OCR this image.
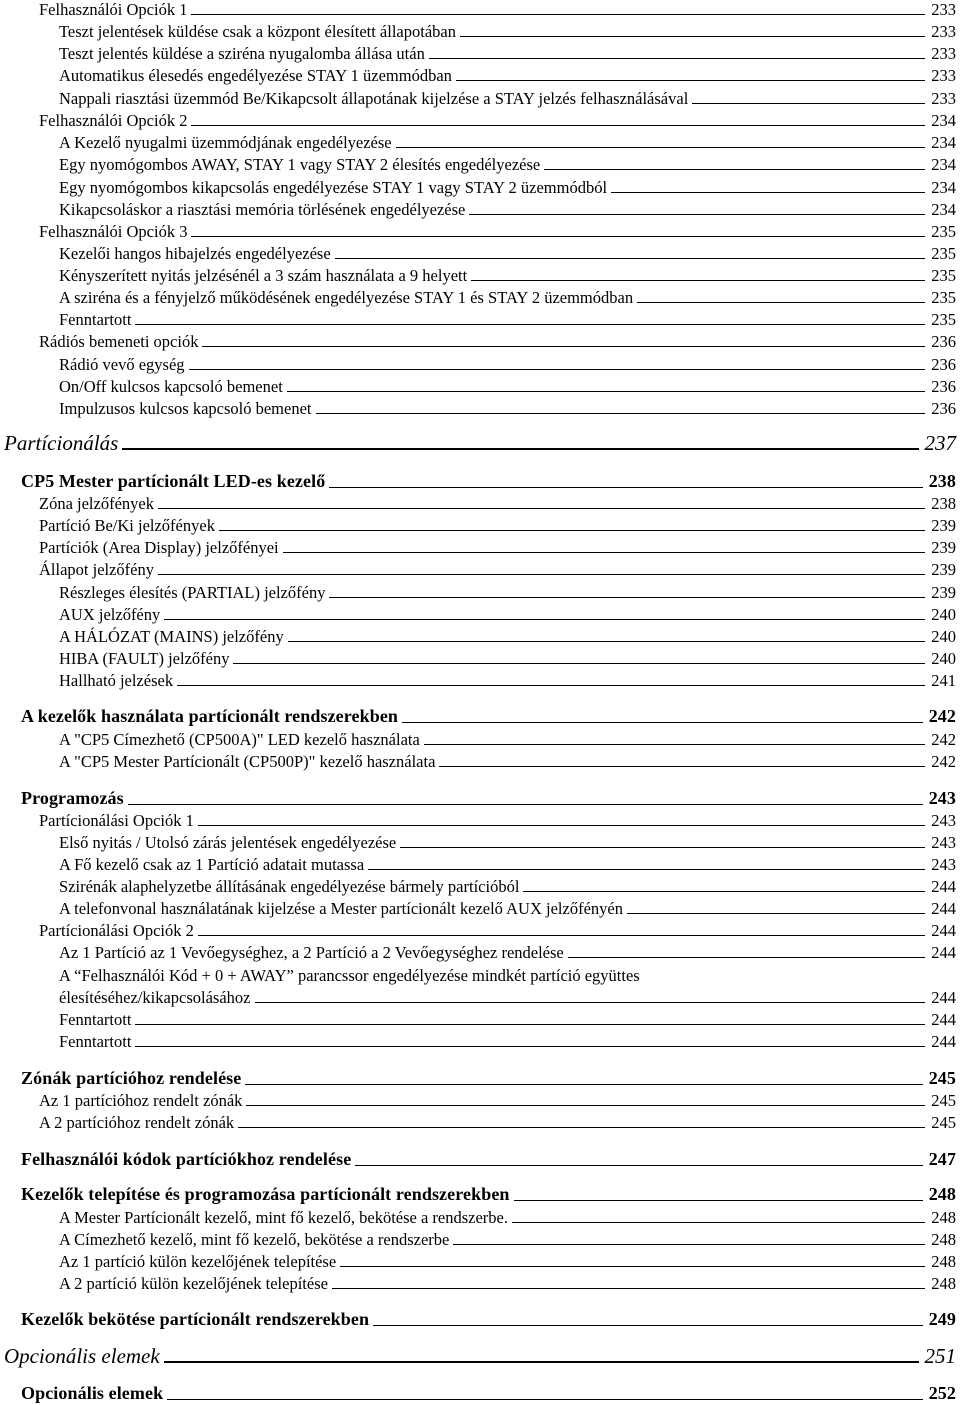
Felhasználói Opciók 1	233
Teszt jelentések küldése csak a központ élesített állapotában	233
Teszt jelentés küldése a sziréna nyugalomba állása után	233
Automatikus élesedés engedélyezése STAY 1 üzemmódban	233
Nappali riasztási üzemmód Be/Kikapcsolt állapotának kijelzése a STAY jelzés felhasználásával	233
Felhasználói Opciók 2	234
A Kezelő nyugalmi üzemmódjának engedélyezése	234
Egy nyomógombos AWAY, STAY 1 vagy STAY 2 élesítés engedélyezése	234
Egy nyomógombos kikapcsolás engedélyezése STAY 1 vagy STAY 2 üzemmódból	234
Kikapcsoláskor a riasztási memória törlésének engedélyezése	234
Felhasználói Opciók 3	235
Kezelői hangos hibajelzés engedélyezése	235
Kényszerített nyitás jelzésénél a 3 szám használata a 9 helyett	235
A sziréna és a fényjelző működésének engedélyezése STAY 1 és STAY 2 üzemmódban	235
Fenntartott	235
Rádiós bemeneti opciók	236
Rádió vevő egység	236
On/Off kulcsos kapcsoló bemenet	236
Impulzusos kulcsos kapcsoló bemenet	236
Partícionálás	237
CP5 Mester partícionált LED-es kezelő	238
Zóna jelzőfények	238
Partíció Be/Ki jelzőfények	239
Partíciók (Area Display) jelzőfényei	239
Állapot jelzőfény	239
Részleges élesítés (PARTIAL) jelzőfény	239
AUX jelzőfény	240
A HÁLÓZAT (MAINS) jelzőfény	240
HIBA (FAULT) jelzőfény	240
Hallható jelzések	241
A kezelők használata partícionált rendszerekben	242
A "CP5 Címezhető (CP500A)" LED kezelő használata	242
A "CP5 Mester Partícionált (CP500P)" kezelő használata	242
Programozás	243
Partícionálási Opciók 1	243
Első nyitás / Utolsó zárás jelentések engedélyezése	243
A Fő kezelő csak az 1 Partíció adatait mutassa	243
Szirénák alaphelyzetbe állításának engedélyezése bármely partícióból	244
A telefonvonal használatának kijelzése a Mester partícionált kezelő AUX jelzőfényén	244
Partícionálási Opciók 2	244
Az 1 Partíció az 1 Vevőegységhez, a 2 Partíció a 2 Vevőegységhez rendelése	244
A “Felhasználói Kód + 0 + AWAY” parancssor engedélyezése mindkét partíció együttes
élesítéséhez/kikapcsolásához	244
Fenntartott	244
Fenntartott	244
Zónák partícióhoz rendelése	245
Az 1 partícióhoz rendelt zónák	245
A 2 partícióhoz rendelt zónák	245
Felhasználói kódok partíciókhoz rendelése	247
Kezelők telepítése és programozása partícionált rendszerekben	248
A Mester Partícionált kezelő, mint fő kezelő, bekötése a rendszerbe.	248
A Címezhető kezelő, mint fő kezelő, bekötése a rendszerbe	248
Az 1 partíció külön kezelőjének telepítése	248
A 2 partíció külön kezelőjének telepítése	248
Kezelők bekötése partícionált rendszerekben	249
Opcionális elemek	251
Opcionális elemek	252
